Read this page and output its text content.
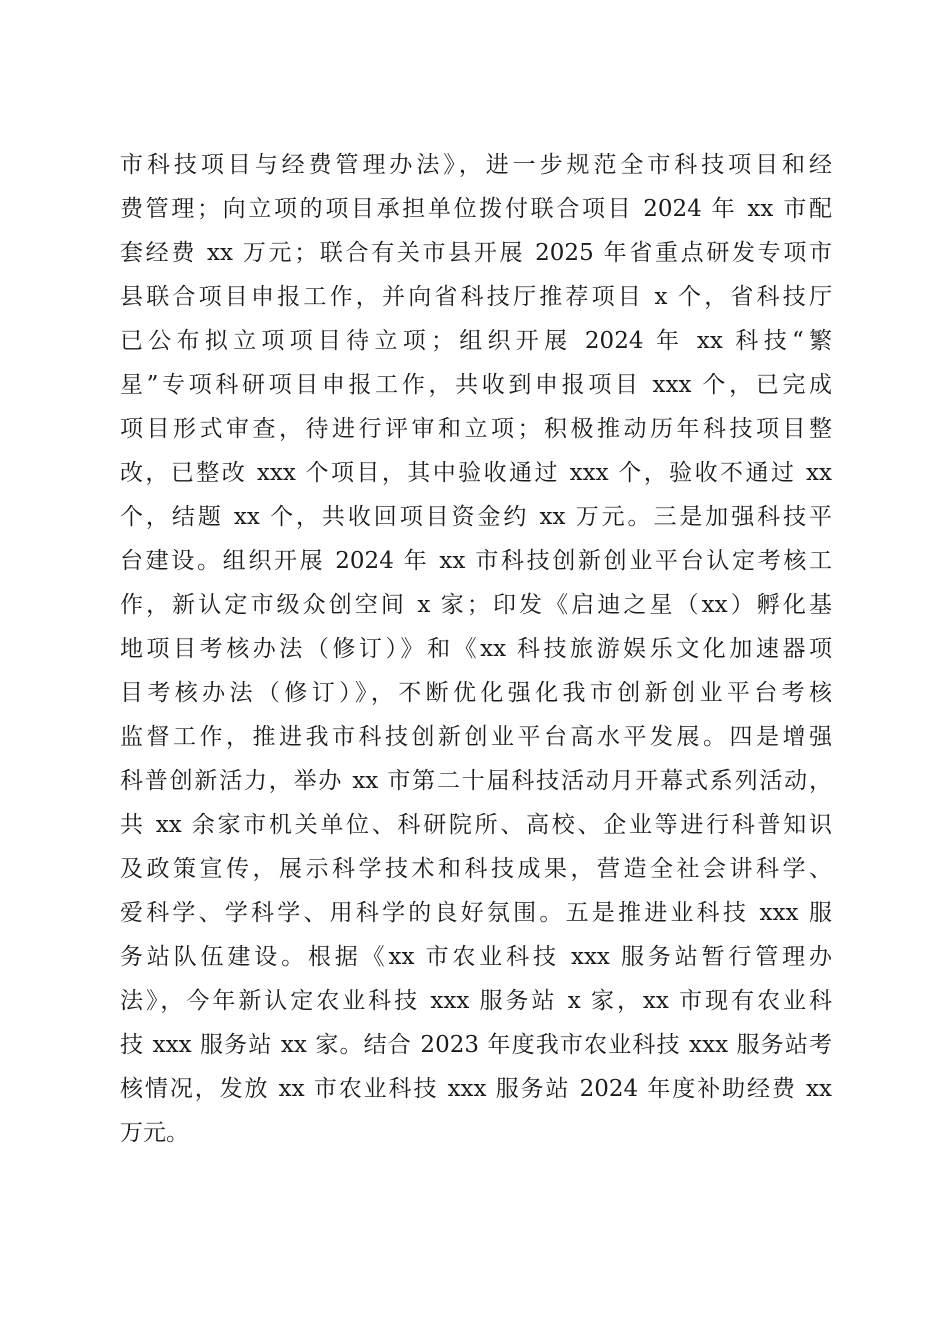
市科技项目与经费管理办法》，进一步规范全市科技项目和经
费管理；向立项的项目承担单位拨付联合项目 2024 年 xx 市配
套经费 xx 万元；联合有关市县开展 2025 年省重点研发专项市
县联合项目申报工作，并向省科技厅推荐项目 x 个，省科技厅
已公布拟立项项目待立项；组织开展 2024 年 xx 科技“繁
星”专项科研项目申报工作，共收到申报项目 xxx 个，已完成
项目形式审查，待进行评审和立项；积极推动历年科技项目整
改，已整改 xxx 个项目，其中验收通过 xxx 个，验收不通过 xx
个，结题 xx 个，共收回项目资金约 xx 万元。三是加强科技平
台建设。组织开展 2024 年 xx 市科技创新创业平台认定考核工
作，新认定市级众创空间 x 家；印发《启迪之星（xx）孵化基
地项目考核办法（修订）》和《xx 科技旅游娱乐文化加速器项
目考核办法（修订）》，不断优化强化我市创新创业平台考核
监督工作，推进我市科技创新创业平台高水平发展。四是增强
科普创新活力，举办 xx 市第二十届科技活动月开幕式系列活动，
共 xx 余家市机关单位、科研院所、高校、企业等进行科普知识
及政策宣传，展示科学技术和科技成果，营造全社会讲科学、
爱科学、学科学、用科学的良好氛围。五是推进业科技 xxx 服
务站队伍建设。根据《xx 市农业科技 xxx 服务站暂行管理办
法》，今年新认定农业科技 xxx 服务站 x 家，xx 市现有农业科
技 xxx 服务站 xx 家。结合 2023 年度我市农业科技 xxx 服务站考
核情况，发放 xx 市农业科技 xxx 服务站 2024 年度补助经费 xx
万元。
